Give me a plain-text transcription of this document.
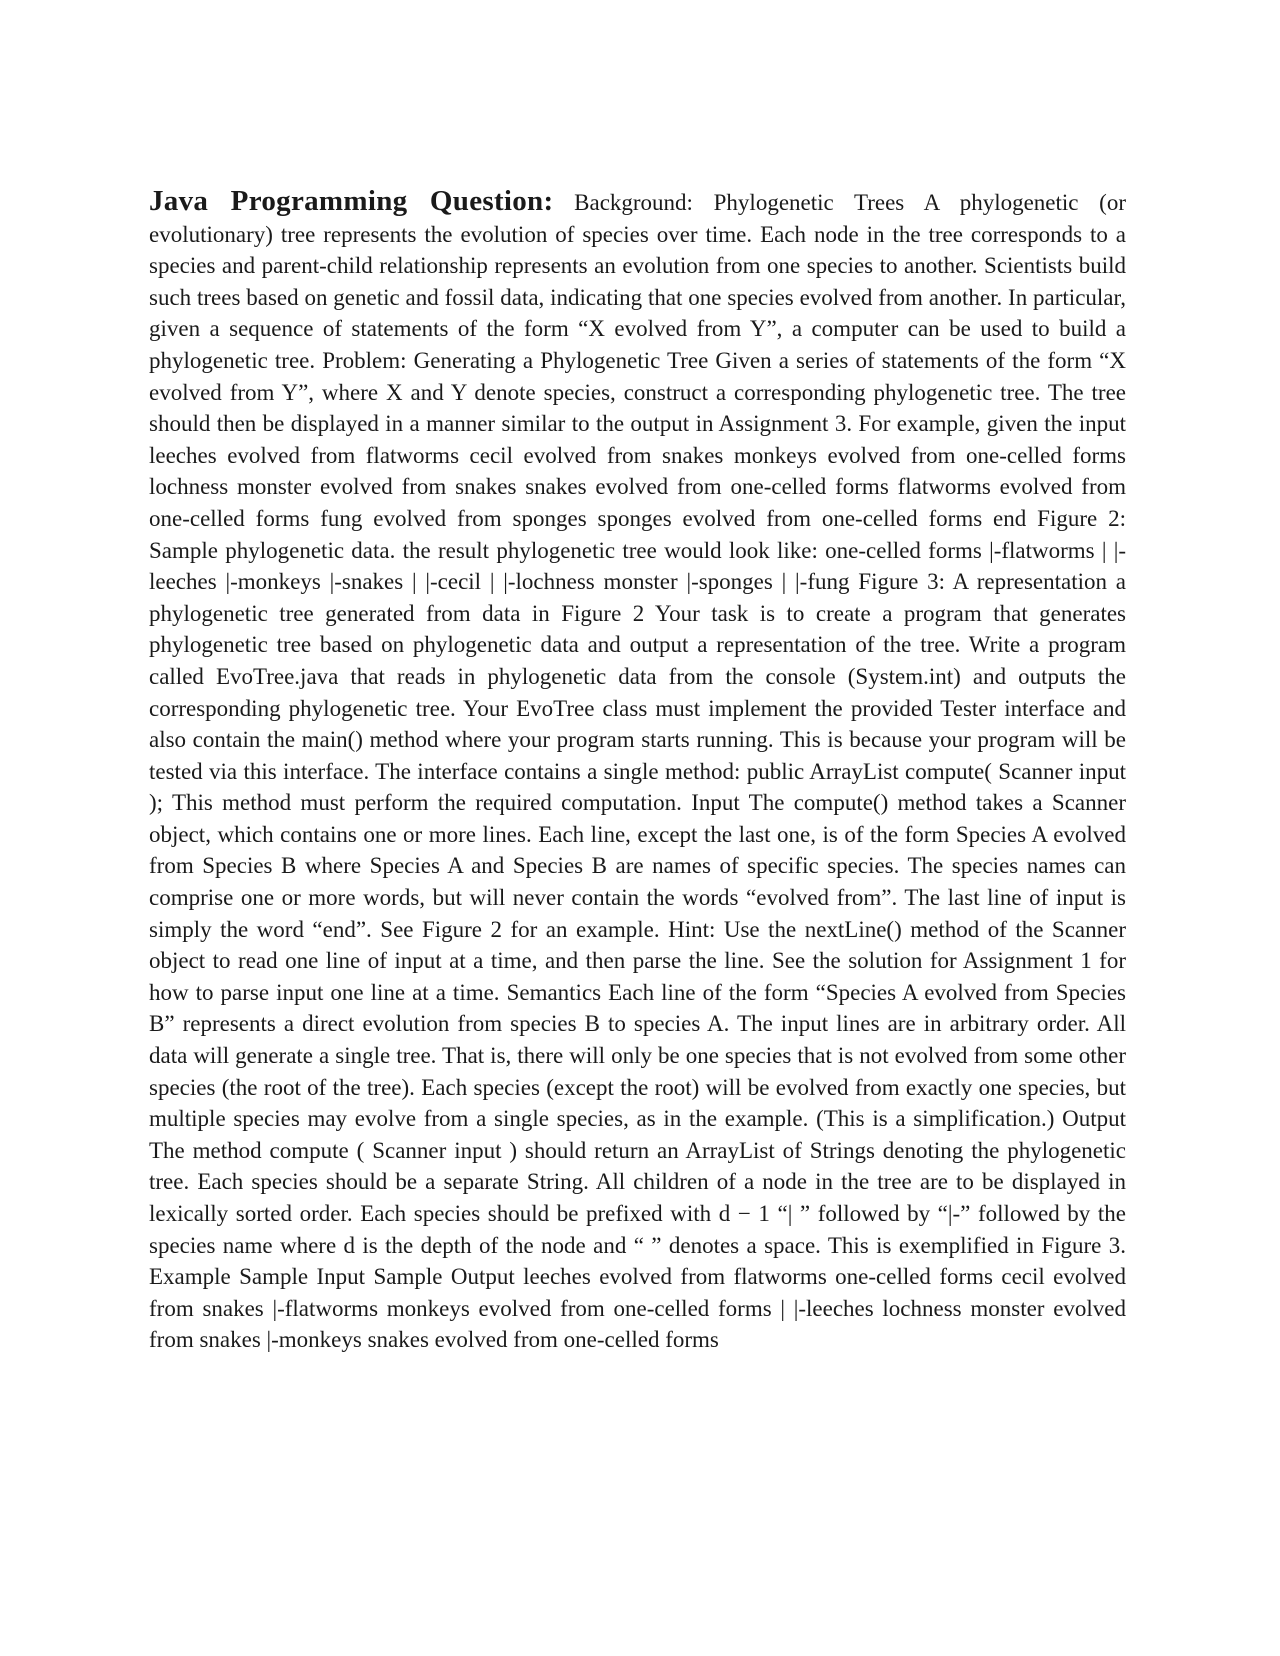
Java Programming Question: Background: Phylogenetic Trees A phylogenetic (or evolutionary) tree represents the evolution of species over time. Each node in the tree corresponds to a species and parent-child relationship represents an evolution from one species to another. Scientists build such trees based on genetic and fossil data, indicating that one species evolved from another. In particular, given a sequence of statements of the form “X evolved from Y”, a computer can be used to build a phylogenetic tree. Problem: Generating a Phylogenetic Tree Given a series of statements of the form “X evolved from Y”, where X and Y denote species, construct a corresponding phylogenetic tree. The tree should then be displayed in a manner similar to the output in Assignment 3. For example, given the input leeches evolved from flatworms cecil evolved from snakes monkeys evolved from one-celled forms lochness monster evolved from snakes snakes evolved from one-celled forms flatworms evolved from one-celled forms fung evolved from sponges sponges evolved from one-celled forms end Figure 2: Sample phylogenetic data. the result phylogenetic tree would look like: one-celled forms |-flatworms | |-leeches |-monkeys |-snakes | |-cecil | |-lochness monster |-sponges | |-fung Figure 3: A representation a phylogenetic tree generated from data in Figure 2 Your task is to create a program that generates phylogenetic tree based on phylogenetic data and output a representation of the tree. Write a program called EvoTree.java that reads in phylogenetic data from the console (System.int) and outputs the corresponding phylogenetic tree. Your EvoTree class must implement the provided Tester interface and also contain the main() method where your program starts running. This is because your program will be tested via this interface. The interface contains a single method: public ArrayList compute( Scanner input ); This method must perform the required computation. Input The compute() method takes a Scanner object, which contains one or more lines. Each line, except the last one, is of the form Species A evolved from Species B where Species A and Species B are names of specific species. The species names can comprise one or more words, but will never contain the words “evolved from”. The last line of input is simply the word “end”. See Figure 2 for an example. Hint: Use the nextLine() method of the Scanner object to read one line of input at a time, and then parse the line. See the solution for Assignment 1 for how to parse input one line at a time. Semantics Each line of the form “Species A evolved from Species B” represents a direct evolution from species B to species A. The input lines are in arbitrary order. All data will generate a single tree. That is, there will only be one species that is not evolved from some other species (the root of the tree). Each species (except the root) will be evolved from exactly one species, but multiple species may evolve from a single species, as in the example. (This is a simplification.) Output The method compute ( Scanner input ) should return an ArrayList of Strings denoting the phylogenetic tree. Each species should be a separate String. All children of a node in the tree are to be displayed in lexically sorted order. Each species should be prefixed with d − 1 “| ” followed by “|-” followed by the species name where d is the depth of the node and “ ” denotes a space. This is exemplified in Figure 3. Example Sample Input Sample Output leeches evolved from flatworms one-celled forms cecil evolved from snakes |-flatworms monkeys evolved from one-celled forms | |-leeches lochness monster evolved from snakes |-monkeys snakes evolved from one-celled forms
